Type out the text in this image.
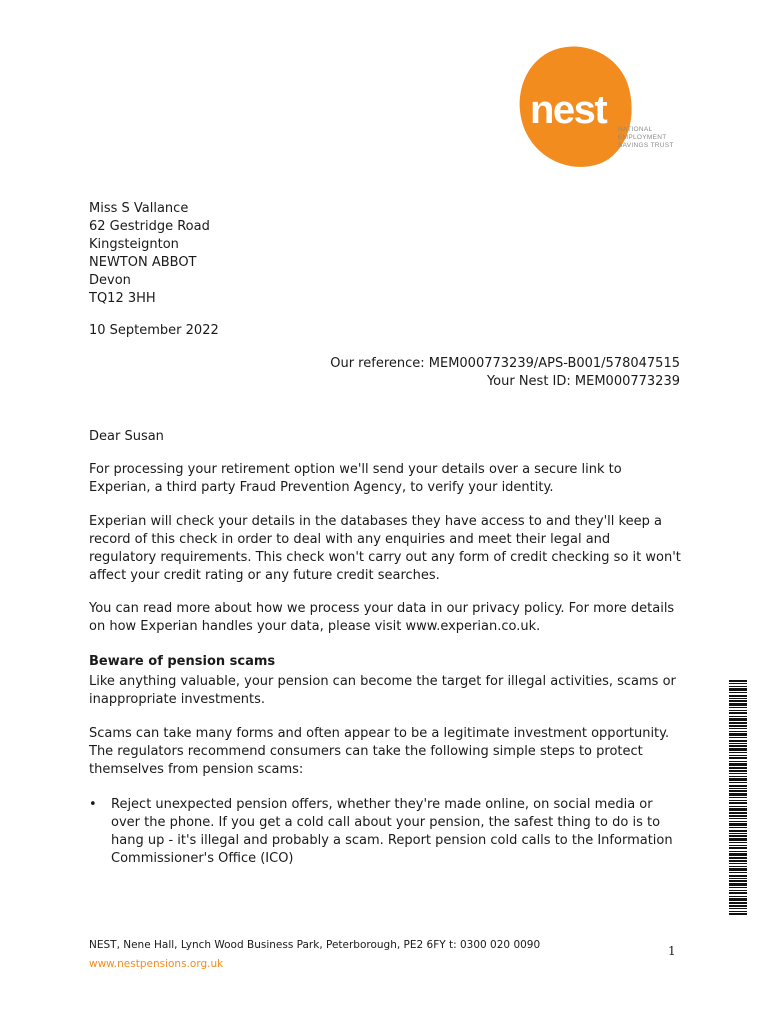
nest NATIONAL
EMPLOYMENT
SAVINGS TRUST
Miss S Vallance
62 Gestridge Road
Kingsteignton
NEWTON ABBOT
Devon
TQ12 3HH
10 September 2022
Our reference: MEM000773239/APS-B001/578047515
Your Nest ID: MEM000773239
Dear Susan

For processing your retirement option we'll send your details over a secure link to Experian, a third party Fraud Prevention Agency, to verify your identity.

Experian will check your details in the databases they have access to and they'll keep a record of this check in order to deal with any enquiries and meet their legal and regulatory requirements. This check won't carry out any form of credit checking so it won't affect your credit rating or any future credit searches.

You can read more about how we process your data in our privacy policy. For more details on how Experian handles your data, please visit www.experian.co.uk.

Beware of pension scams

Like anything valuable, your pension can become the target for illegal activities, scams or inappropriate investments.

Scams can take many forms and often appear to be a legitimate investment opportunity. The regulators recommend consumers can take the following simple steps to protect themselves from pension scams:

• Reject unexpected pension offers, whether they're made online, on social media or over the phone. If you get a cold call about your pension, the safest thing to do is to hang up - it's illegal and probably a scam. Report pension cold calls to the Information Commissioner's Office (ICO)
NEST, Nene Hall, Lynch Wood Business Park, Peterborough, PE2 6FY t: 0300 020 0090
www.nestpensions.org.uk
1
